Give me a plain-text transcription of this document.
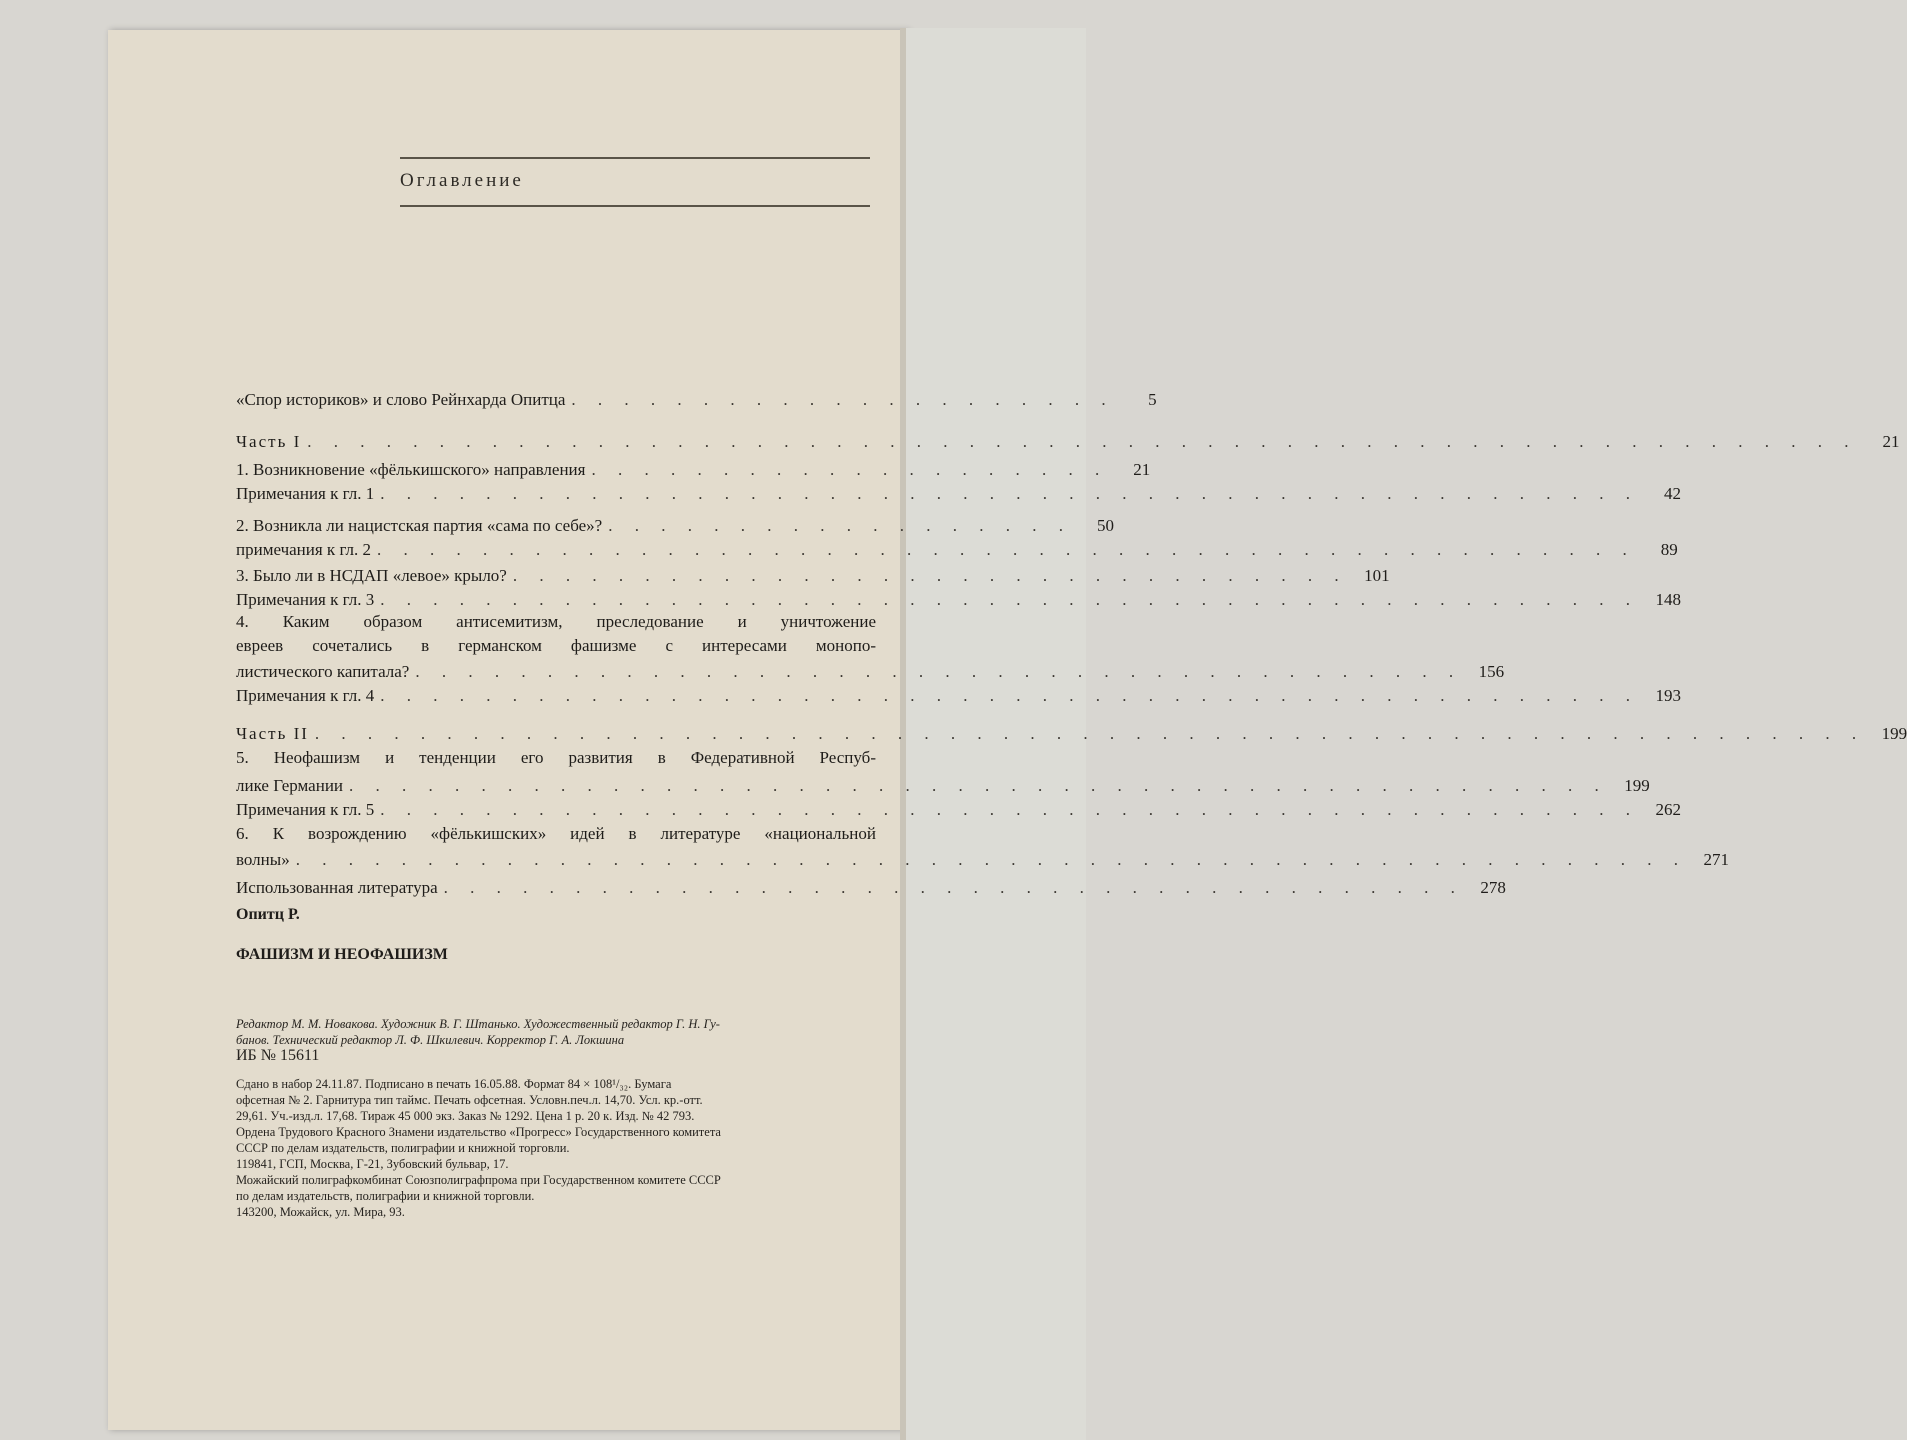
Оглавление
«Спор историков» и слово Рейнхарда Опитца . . . . . . . . . . . . . . . . . . . . .	5
Часть I . . . . . . . . . . . . . . . . . . . . . . . . . . . . . . . . . . . . . . . . . . . . . . . . . . . . . . . . . . .	21
1. Возникновение «фёлькишского» направления . . . . . . . . . . . . . . . . . . . .	21
Примечания к гл. 1 . . . . . . . . . . . . . . . . . . . . . . . . . . . . . . . . . . . . . . . . . . . . . . . .	42
2. Возникла ли нацистская партия «сама по себе»? . . . . . . . . . . . . . . . . . .	50
примечания к гл. 2 . . . . . . . . . . . . . . . . . . . . . . . . . . . . . . . . . . . . . . . . . . . . . . . .	89
3. Было ли в НСДАП «левое» крыло? . . . . . . . . . . . . . . . . . . . . . . . . . . . . . . . . 101
Примечания к гл. 3 . . . . . . . . . . . . . . . . . . . . . . . . . . . . . . . . . . . . . . . . . . . . . . . . 148
4. Каким образом антисемитизм, преследование и уничтожение
евреев сочетались в германском фашизме с интересами монопо-
листического капитала? . . . . . . . . . . . . . . . . . . . . . . . . . . . . . . . . . . . . . . . . 156
Примечания к гл. 4 . . . . . . . . . . . . . . . . . . . . . . . . . . . . . . . . . . . . . . . . . . . . . . . . 193
Часть II . . . . . . . . . . . . . . . . . . . . . . . . . . . . . . . . . . . . . . . . . . . . . . . . . . . . . . . . . . . 199
5. Неофашизм и тенденции его развития в Федеративной Респуб-
лике Германии . . . . . . . . . . . . . . . . . . . . . . . . . . . . . . . . . . . . . . . . . . . . . . . . 199
Примечания к гл. 5 . . . . . . . . . . . . . . . . . . . . . . . . . . . . . . . . . . . . . . . . . . . . . . . . 262
6. К возрождению «фёлькишских» идей в литературе «национальной
волны» . . . . . . . . . . . . . . . . . . . . . . . . . . . . . . . . . . . . . . . . . . . . . . . . . . . . . 271
Использованная литература . . . . . . . . . . . . . . . . . . . . . . . . . . . . . . . . . . . . . . . 278
Опитц Р.
ФАШИЗМ И НЕОФАШИЗМ
Редактор М. М. Новакова. Художник В. Г. Штанько. Художественный редактор Г. Н. Гу-
банов. Технический редактор Л. Ф. Шкилевич. Корректор Г. А. Локшина
ИБ № 15611
Сдано в набор 24.11.87. Подписано в печать 16.05.88. Формат 84 × 108¹/₃₂. Бумага
офсетная № 2. Гарнитура тип таймс. Печать офсетная. Условн.печ.л. 14,70. Усл. кр.-отт.
29,61. Уч.-изд.л. 17,68. Тираж 45 000 экз. Заказ № 1292. Цена 1 р. 20 к. Изд. № 42 793.
Ордена Трудового Красного Знамени издательство «Прогресс» Государственного комитета
СССР по делам издательств, полиграфии и книжной торговли.
119841, ГСП, Москва, Г-21, Зубовский бульвар, 17.
Можайский полиграфкомбинат Союзполиграфпрома при Государственном комитете СССР
по делам издательств, полиграфии и книжной торговли.
143200, Можайск, ул. Мира, 93.
